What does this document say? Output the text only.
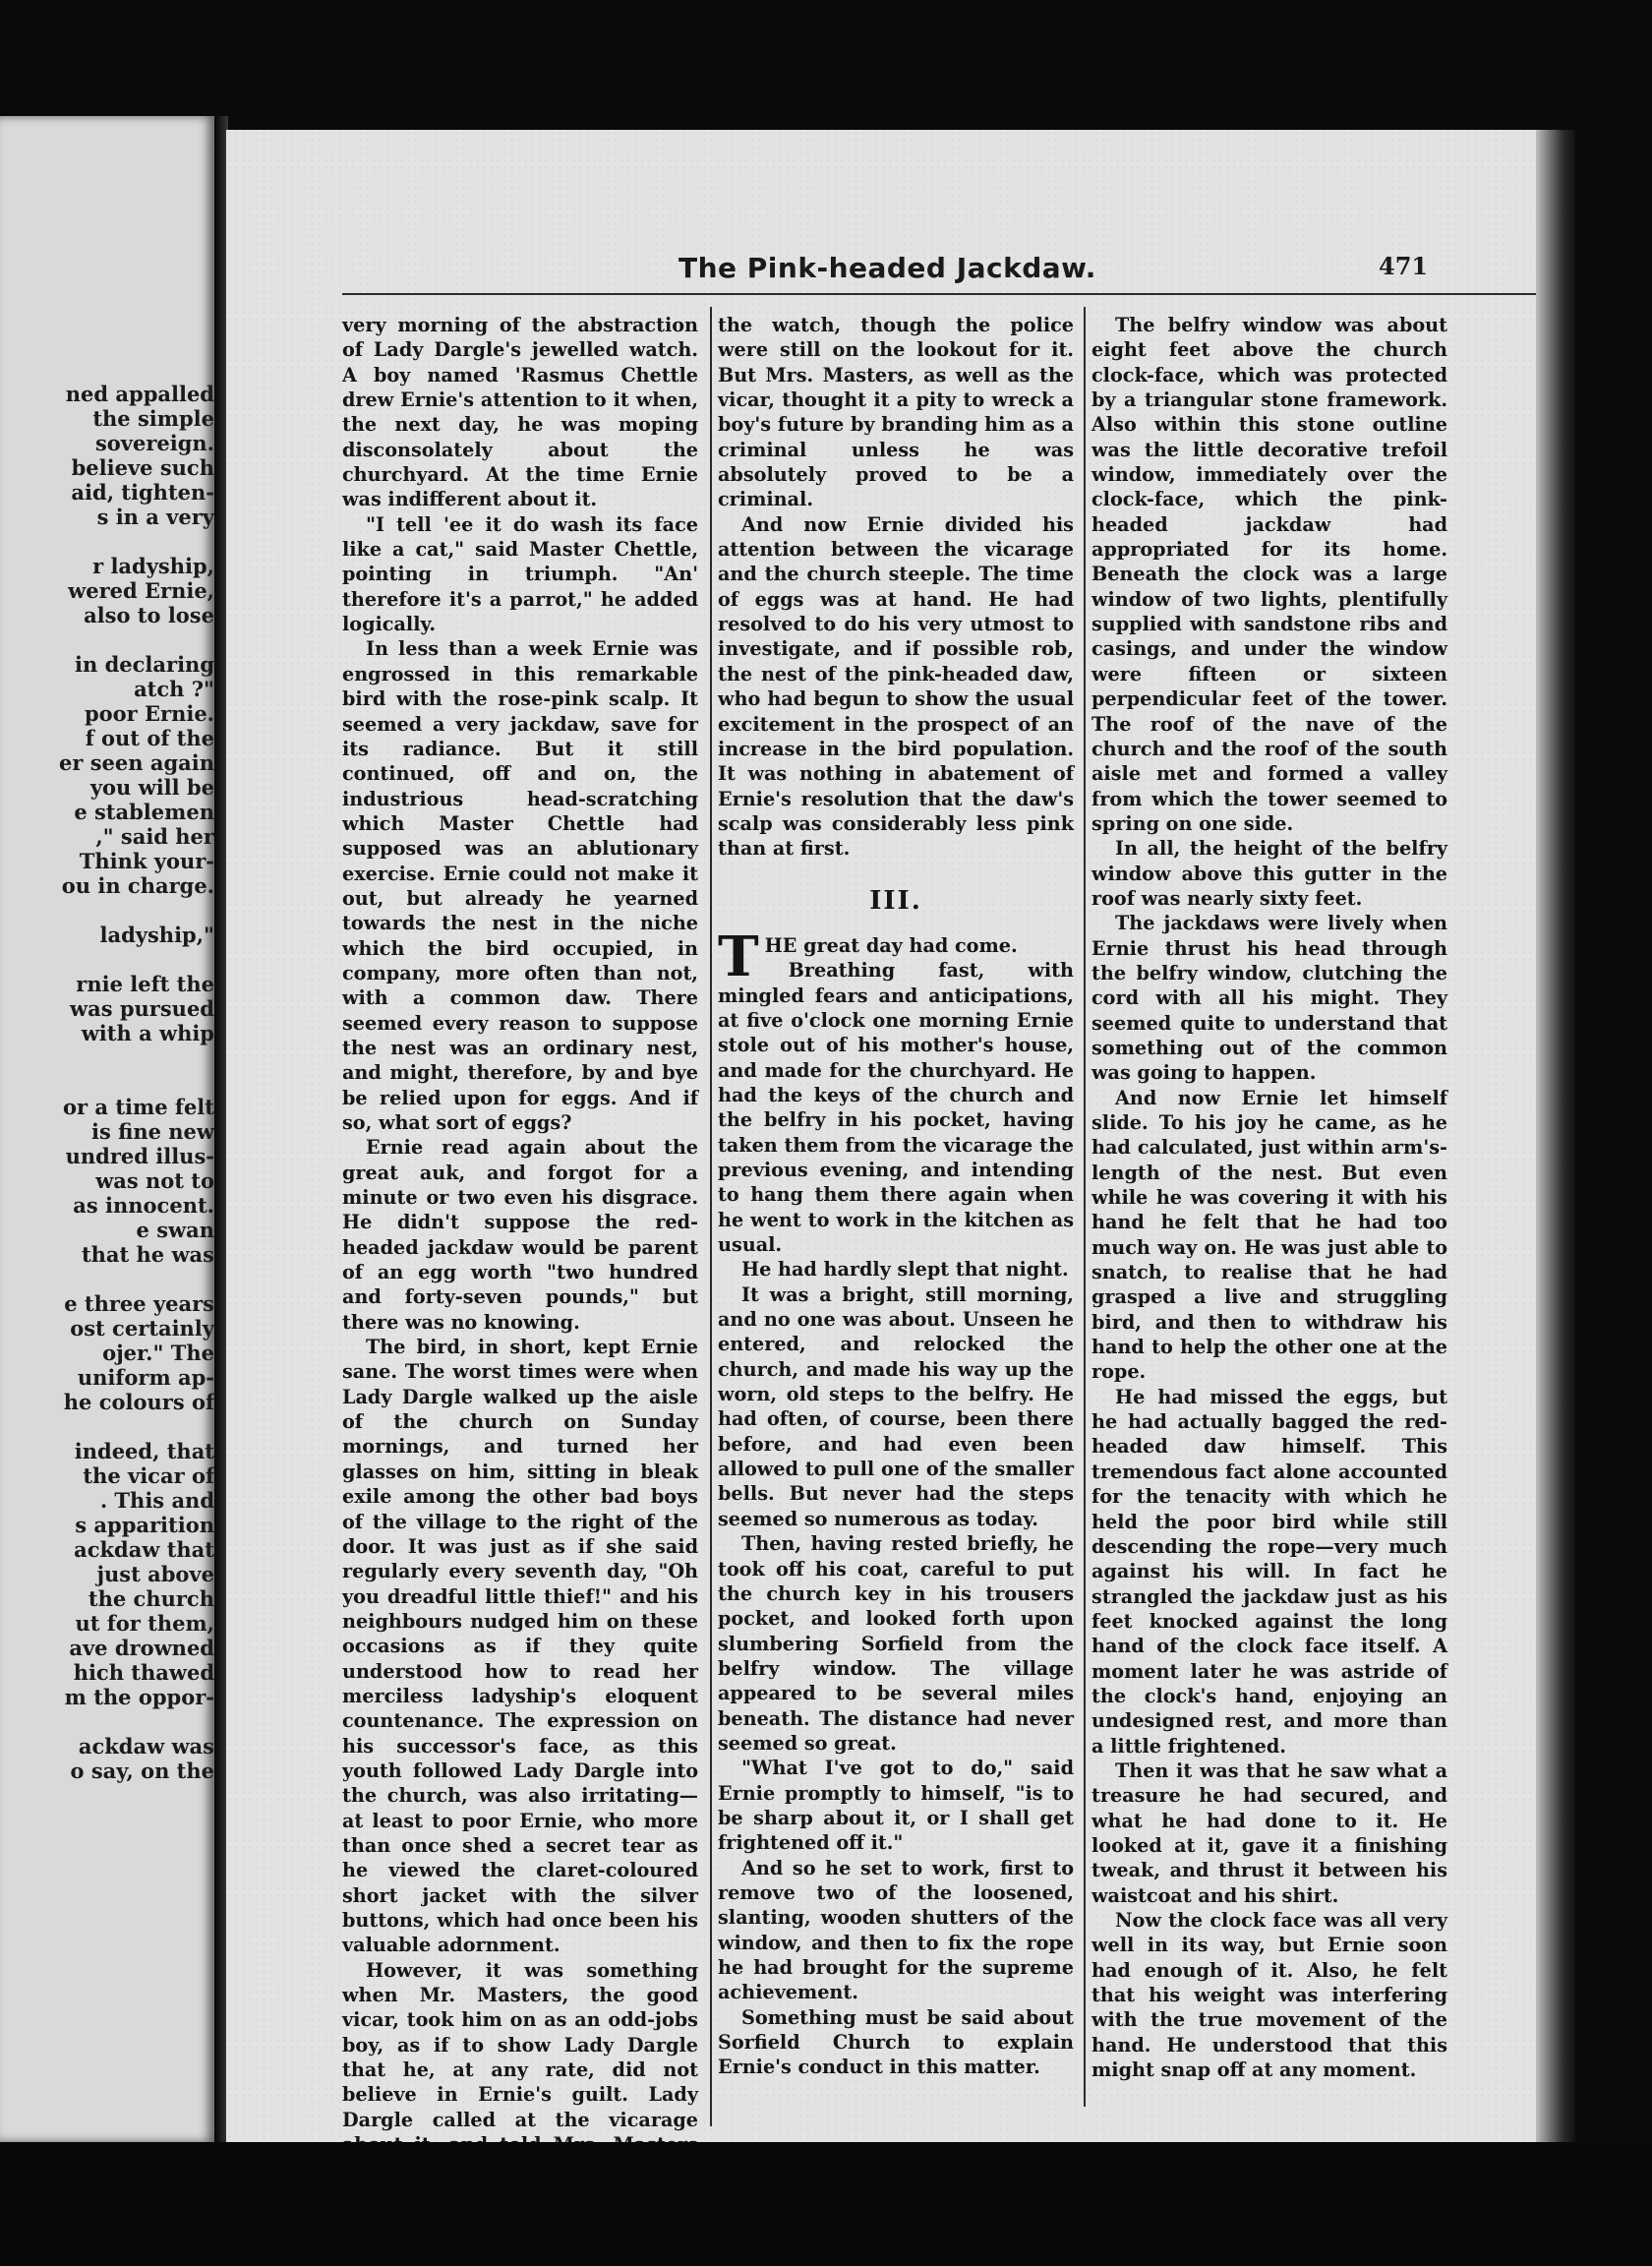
ned appalled
the simple
sovereign.
believe such
aid, tighten-
s in a very
r ladyship,
wered Ernie,
also to lose
in declaring
atch ?"
poor Ernie.
f out of the
er seen again
you will be
e stablemen
," said her
Think your-
ou in charge.
ladyship,"
rnie left the
was pursued
with a whip
or a time felt
is fine new
undred illus-
was not to
as innocent.
e swan
that he was
e three years
ost certainly
ojer." The
uniform ap-
he colours of
indeed, that
the vicar of
. This and
s apparition
ackdaw that
just above
the church
ut for them,
ave drowned
hich thawed
m the oppor-
ackdaw was
o say, on the
The Pink-headed Jackdaw.	471

very morning of the abstraction of Lady Dargle's jewelled watch. A boy named 'Rasmus Chettle drew Ernie's attention to it when, the next day, he was moping disconsolately about the churchyard. At the time Ernie was indifferent about it.

"I tell 'ee it do wash its face like a cat," said Master Chettle, pointing in triumph. "An' therefore it's a parrot," he added logically.

In less than a week Ernie was engrossed in this remarkable bird with the rose-pink scalp. It seemed a very jackdaw, save for its radiance. But it still continued, off and on, the industrious head-scratching which Master Chettle had supposed was an ablutionary exercise. Ernie could not make it out, but already he yearned towards the nest in the niche which the bird occupied, in company, more often than not, with a common daw. There seemed every reason to suppose the nest was an ordinary nest, and might, therefore, by and bye be relied upon for eggs. And if so, what sort of eggs?

Ernie read again about the great auk, and forgot for a minute or two even his disgrace. He didn't suppose the red-headed jackdaw would be parent of an egg worth "two hundred and forty-seven pounds," but there was no knowing.

The bird, in short, kept Ernie sane. The worst times were when Lady Dargle walked up the aisle of the church on Sunday mornings, and turned her glasses on him, sitting in bleak exile among the other bad boys of the village to the right of the door. It was just as if she said regularly every seventh day, "Oh you dreadful little thief!" and his neighbours nudged him on these occasions as if they quite understood how to read her merciless ladyship's eloquent countenance. The expression on his successor's face, as this youth followed Lady Dargle into the church, was also irritating—at least to poor Ernie, who more than once shed a secret tear as he viewed the claret-coloured short jacket with the silver buttons, which had once been his valuable adornment.

However, it was something when Mr. Masters, the good vicar, took him on as an odd-jobs boy, as if to show Lady Dargle that he, at any rate, did not believe in Ernie's guilt. Lady Dargle called at the vicarage

the watch, though the police were still on the lookout for it. But Mrs. Masters, as well as the vicar, thought it a pity to wreck a boy's future by branding him as a criminal unless he was absolutely proved to be a criminal.

And now Ernie divided his attention between the vicarage and the church steeple. The time of eggs was at hand. He had resolved to do his very utmost to investigate, and if possible rob, the nest of the pink-headed daw, who had begun to show the usual excitement in the prospect of an increase in the bird population. It was nothing in abatement of Ernie's resolution that the daw's scalp was considerably less pink than at first.

III.

THE great day had come.

Breathing fast, with mingled fears and anticipations, at five o'clock one morning Ernie stole out of his mother's house, and made for the churchyard. He had the keys of the church and the belfry in his pocket, having taken them from the vicarage the previous evening, and intending to hang them there again when he went to work in the kitchen as usual.

He had hardly slept that night.

It was a bright, still morning, and no one was about. Unseen he entered, and relocked the church, and made his way up the worn, old steps to the belfry. He had often, of course, been there before, and had even been allowed to pull one of the smaller bells. But never had the steps seemed so numerous as today.

Then, having rested briefly, he took off his coat, careful to put the church key in his trousers pocket, and looked forth upon slumbering Sorfield from the belfry window. The village appeared to be several miles beneath. The distance had never seemed so great.

"What I've got to do," said Ernie promptly to himself, "is to be sharp about it, or I shall get frightened off it."

And so he set to work, first to remove two of the loosened, slanting, wooden shutters of the window, and then to fix the rope he had brought for the supreme achievement.

Something must be said about Sorfield Church to explain Ernie's conduct in this matter.

The belfry window was about eight feet above the church clock-face, which was protected by a triangular stone framework. Also within this stone outline was the little decorative trefoil window, immediately over the clock-face, which the pink-headed jackdaw had appropriated for its home. Beneath the clock was a large window of two lights, plentifully supplied with sandstone ribs and casings, and under the window were fifteen or sixteen perpendicular feet of the tower. The roof of the nave of the church and the roof of the south aisle met and formed a valley from which the tower seemed to spring on one side.

In all, the height of the belfry window above this gutter in the roof was nearly sixty feet.

The jackdaws were lively when Ernie thrust his head through the belfry window, clutching the cord with all his might. They seemed quite to understand that something out of the common was going to happen.

And now Ernie let himself slide. To his joy he came, as he had calculated, just within arm's-length of the nest. But even while he was covering it with his hand he felt that he had too much way on. He was just able to snatch, to realise that he had grasped a live and struggling bird, and then to withdraw his hand to help the other one at the rope.

He had missed the eggs, but he had actually bagged the red-headed daw himself. This tremendous fact alone accounted for the tenacity with which he held the poor bird while still descending the rope—very much against his will. In fact he strangled the jackdaw just as his feet knocked against the long hand of the clock face itself. A moment later he was astride of the clock's hand, enjoying an undesigned rest, and more than a little frightened.

Then it was that he saw what a treasure he had secured, and what he had done to it. He looked at it, gave it a finishing tweak, and thrust it between his waistcoat and his shirt.

Now the clock face was all very well in its way, but Ernie soon had enough of it. Also, he felt that his weight was interfering with the true movement of the hand. He understood that this might snap off at any moment.
